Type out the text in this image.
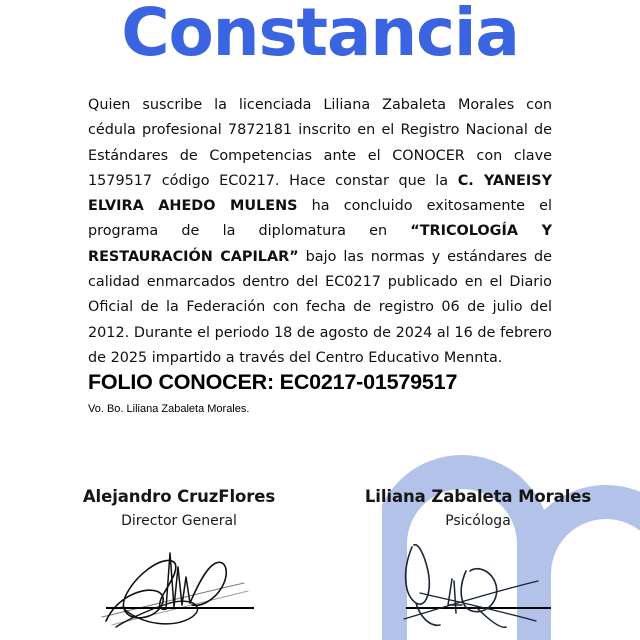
Constancia
Quien suscribe la licenciada Liliana Zabaleta Morales con cédula profesional 7872181 inscrito en el Registro Nacional de Estándares de Competencias ante el CONOCER con clave 1579517 código EC0217. Hace constar que la C. YANEISY ELVIRA AHEDO MULENS ha concluido exitosamente el programa de la diplomatura en “TRICOLOGÍA Y RESTAURACIÓN CAPILAR” bajo las normas y estándares de calidad enmarcados dentro del EC0217 publicado en el Diario Oficial de la Federación con fecha de registro 06 de julio del 2012. Durante el periodo 18 de agosto de 2024 al 16 de febrero de 2025 impartido a través del Centro Educativo Mennta.
FOLIO CONOCER: EC0217-01579517
Vo. Bo. Liliana Zabaleta Morales.
Alejandro CruzFlores
Director General
Liliana Zabaleta Morales
Psicóloga
